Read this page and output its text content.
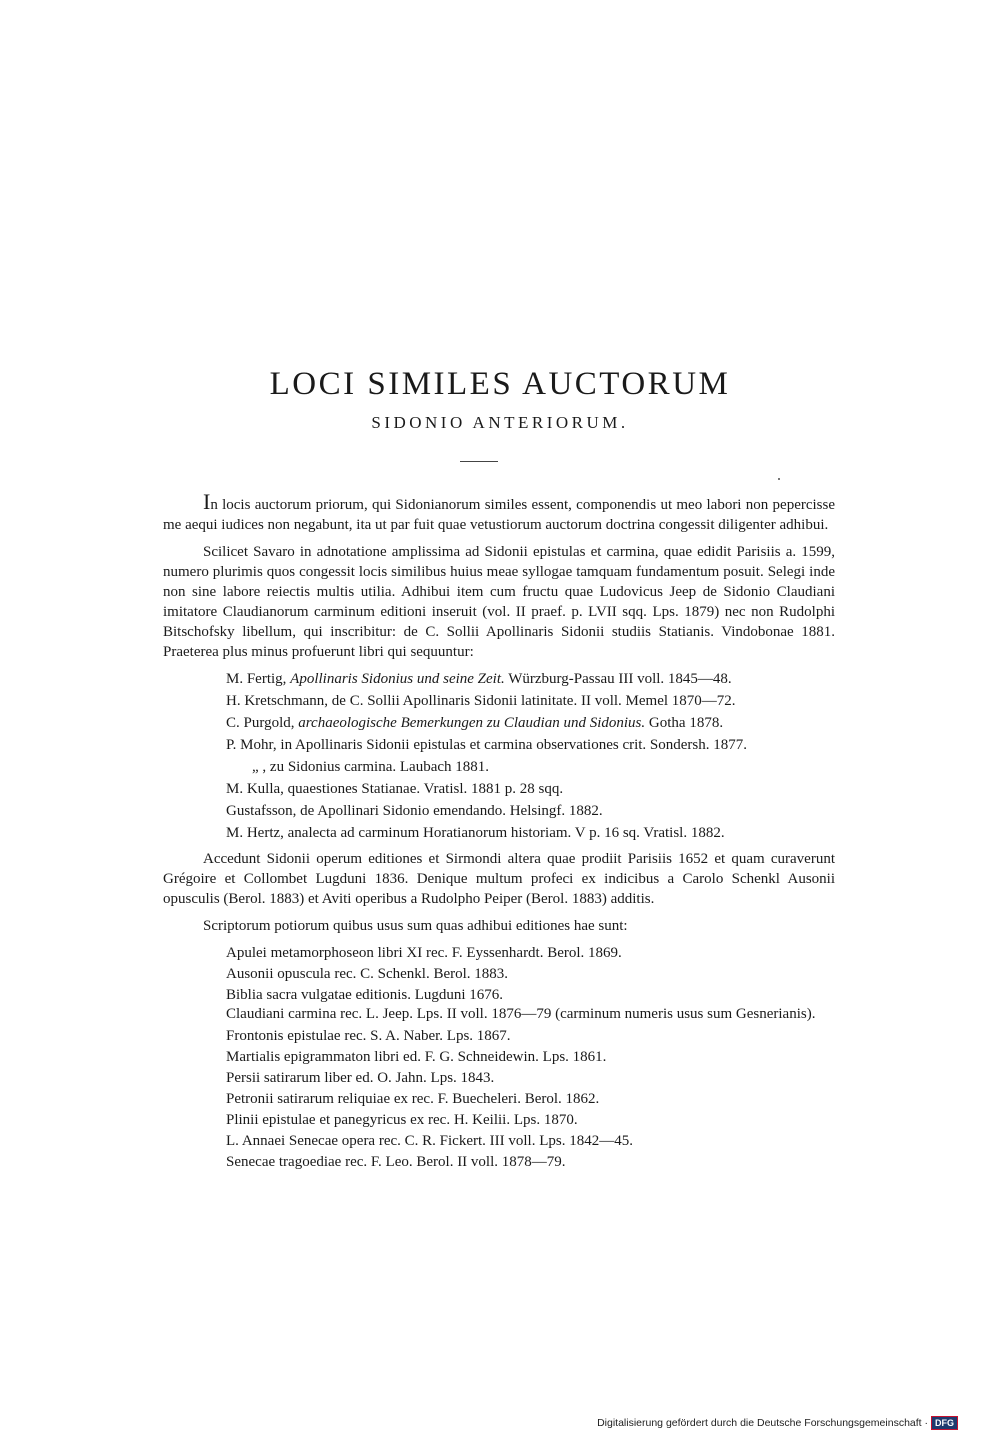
LOCI SIMILES AUCTORUM
SIDONIO ANTERIORUM.

In locis auctorum priorum, qui Sidonianorum similes essent, componendis ut meo labori non pepercisse me aequi iudices non negabunt, ita ut par fuit quae vetustiorum auctorum doctrina congessit diligenter adhibui.

Scilicet Savaro in adnotatione amplissima ad Sidonii epistulas et carmina, quae edidit Parisiis a. 1599, numero plurimis quos congessit locis similibus huius meae syllogae tamquam fundamentum posuit. Selegi inde non sine labore reiectis multis utilia. Adhibui item cum fructu quae Ludovicus Jeep de Sidonio Claudiani imitatore Claudianorum carminum editioni inseruit (vol. II praef. p. LVII sqq. Lps. 1879) nec non Rudolphi Bitschofsky libellum, qui inscribitur: de C. Sollii Apollinaris Sidonii studiis Statianis. Vindobonae 1881. Praeterea plus minus profuerunt libri qui sequuntur:

M. Fertig, Apollinaris Sidonius und seine Zeit. Würzburg-Passau III voll. 1845—48.
H. Kretschmann, de C. Sollii Apollinaris Sidonii latinitate. II voll. Memel 1870—72.
C. Purgold, archaeologische Bemerkungen zu Claudian und Sidonius. Gotha 1878.
P. Mohr, in Apollinaris Sidonii epistulas et carmina observationes crit. Sondersh. 1877.
„ , zu Sidonius carmina. Laubach 1881.
M. Kulla, quaestiones Statianae. Vratisl. 1881 p. 28 sqq.
Gustafsson, de Apollinari Sidonio emendando. Helsingf. 1882.
M. Hertz, analecta ad carminum Horatianorum historiam. V p. 16 sq. Vratisl. 1882.

Accedunt Sidonii operum editiones et Sirmondi altera quae prodiit Parisiis 1652 et quam curaverunt Grégoire et Collombet Lugduni 1836. Denique multum profeci ex indicibus a Carolo Schenkl Ausonii opusculis (Berol. 1883) et Aviti operibus a Rudolpho Peiper (Berol. 1883) additis.

Scriptorum potiorum quibus usus sum quas adhibui editiones hae sunt:

Apulei metamorphoseon libri XI rec. F. Eyssenhardt. Berol. 1869.
Ausonii opuscula rec. C. Schenkl. Berol. 1883.
Biblia sacra vulgatae editionis. Lugduni 1676.
Claudiani carmina rec. L. Jeep. Lps. II voll. 1876—79 (carminum numeris usus sum Gesnerianis).
Frontonis epistulae rec. S. A. Naber. Lps. 1867.
Martialis epigrammaton libri ed. F. G. Schneidewin. Lps. 1861.
Persii satirarum liber ed. O. Jahn. Lps. 1843.
Petronii satirarum reliquiae ex rec. F. Buecheleri. Berol. 1862.
Plinii epistulae et panegyricus ex rec. H. Keilii. Lps. 1870.
L. Annaei Senecae opera rec. C. R. Fickert. III voll. Lps. 1842—45.
Senecae tragoediae rec. F. Leo. Berol. II voll. 1878—79.
Digitalisierung gefördert durch die Deutsche Forschungsgemeinschaft · DFG
